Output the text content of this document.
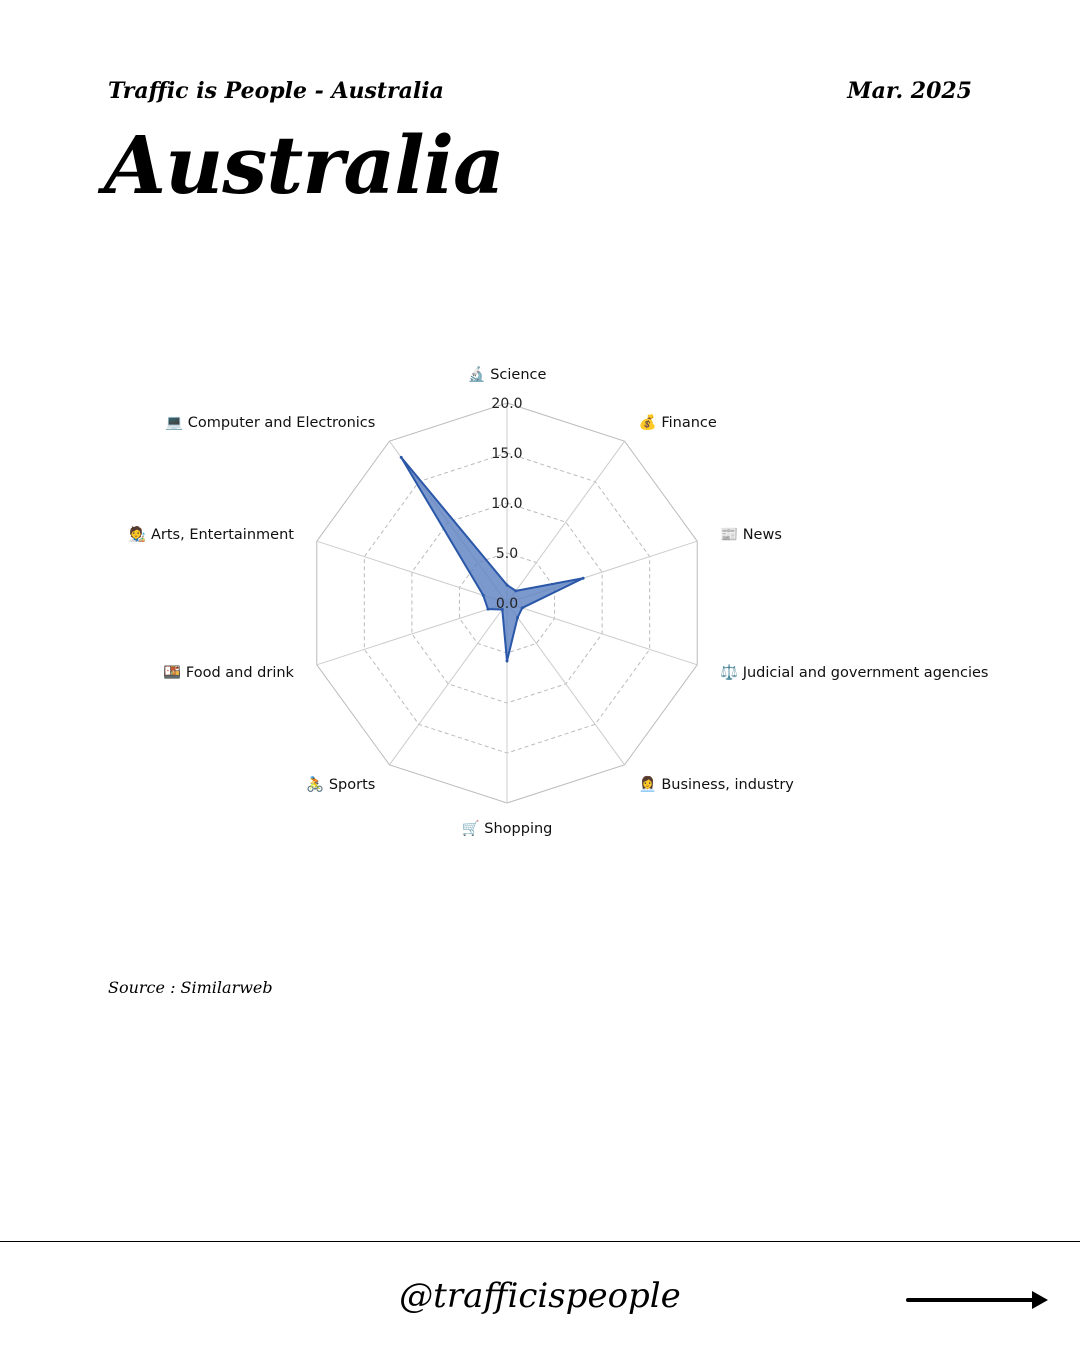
Traffic is People - Australia	Mar. 2025
Australia
0.0
5.0
10.0
15.0
20.0
🔬 Science
💰 Finance
📰 News
⚖️ Judicial and government agencies
👩‍💼 Business, industry
🛒 Shopping
🚴 Sports
🍱 Food and drink
🧑‍🎨 Arts, Entertainment
💻 Computer and Electronics
Source : Similarweb
@trafficispeople
